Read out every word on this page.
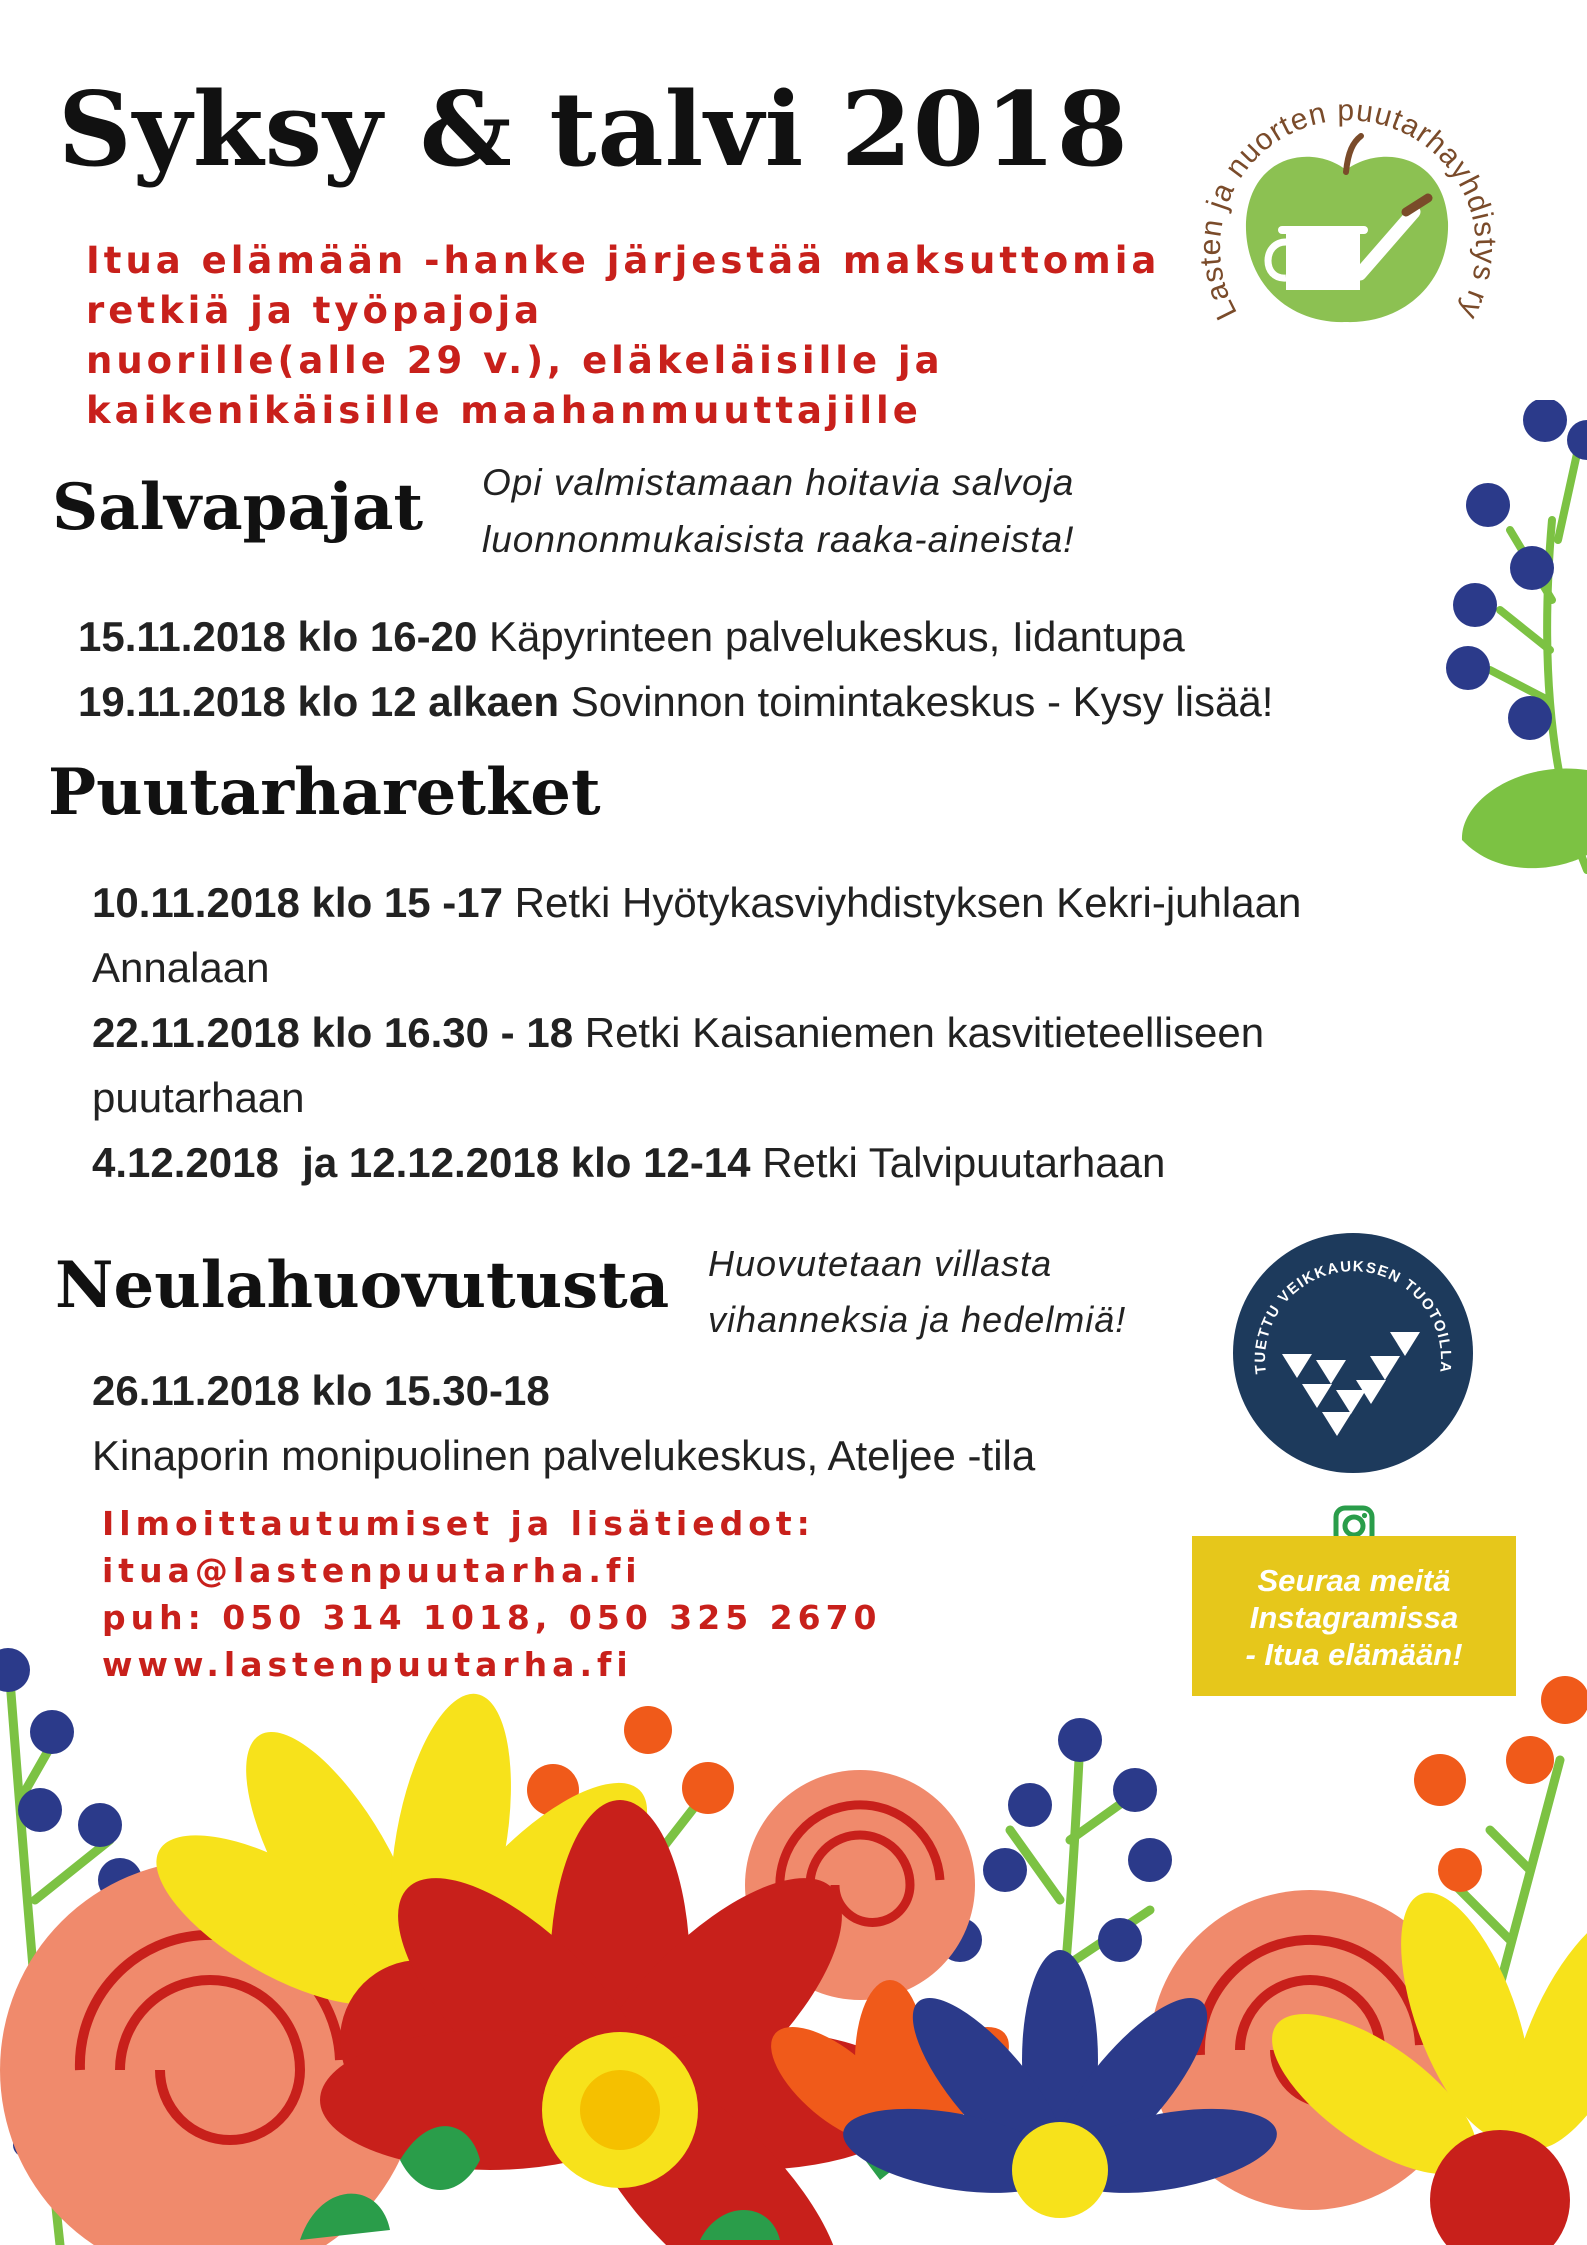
Syksy & talvi 2018

Itua elämään -hanke järjestää maksuttomia
retkiä ja työpajoja
nuorille(alle 29 v.), eläkeläisille ja
kaikenikäisille maahanmuuttajille

Lasten ja nuorten puutarhayhdistys ry
Salvapajat Opi valmistamaan hoitavia salvoja
luonnonmukaisista raaka-aineista!

15.11.2018 klo 16-20 Käpyrinteen palvelukeskus, Iidantupa

19.11.2018 klo 12 alkaen Sovinnon toimintakeskus - Kysy lisää!

Puutarharetket

10.11.2018 klo 15 -17 Retki Hyötykasviyhdistyksen Kekri-juhlaan

Annalaan

22.11.2018 klo 16.30 - 18 Retki Kaisaniemen kasvitieteelliseen

puutarhaan

4.12.2018  ja 12.12.2018 klo 12-14 Retki Talvipuutarhaan

Neulahuovutusta Huovutetaan villasta
vihanneksia ja hedelmiä!

26.11.2018 klo 15.30-18

Kinaporin monipuolinen palvelukeskus, Ateljee -tila

TUETTU VEIKKAUKSEN TUOTOILLA

Ilmoittautumiset ja lisätiedot:
itua@lastenpuutarha.fi
puh: 050 314 1018, 050 325 2670
www.lastenpuutarha.fi

Seuraa meitä
Instagramissa
- Itua elämään!
